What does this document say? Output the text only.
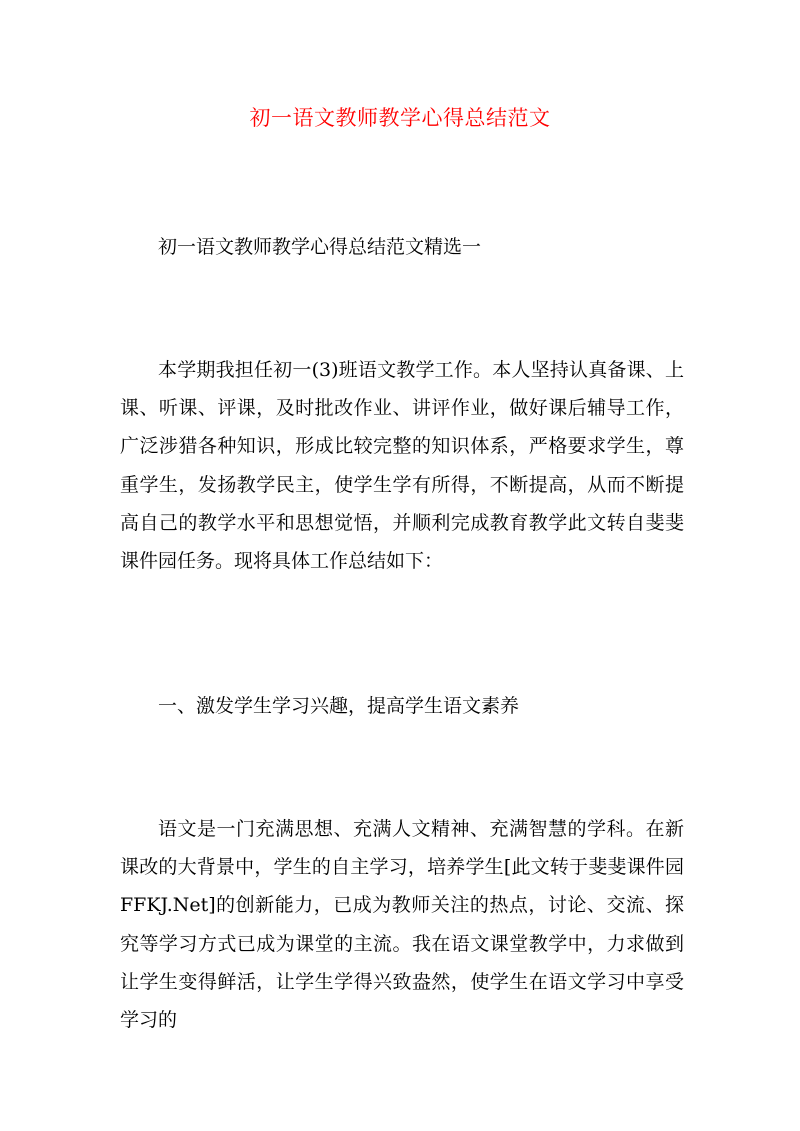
初一语文教师教学心得总结范文

初一语文教师教学心得总结范文精选一

本学期我担任初一(3)班语文教学工作。本人坚持认真备课、上课、听课、评课，及时批改作业、讲评作业，做好课后辅导工作，广泛涉猎各种知识，形成比较完整的知识体系，严格要求学生，尊重学生，发扬教学民主，使学生学有所得，不断提高，从而不断提高自己的教学水平和思想觉悟，并顺利完成教育教学此文转自斐斐课件园任务。现将具体工作总结如下：

一、激发学生学习兴趣，提高学生语文素养

语文是一门充满思想、充满人文精神、充满智慧的学科。在新课改的大背景中，学生的自主学习，培养学生[此文转于斐斐课件园FFKJ.Net]的创新能力，已成为教师关注的热点，讨论、交流、探究等学习方式已成为课堂的主流。我在语文课堂教学中，力求做到让学生变得鲜活，让学生学得兴致盎然，使学生在语文学习中享受学习的
